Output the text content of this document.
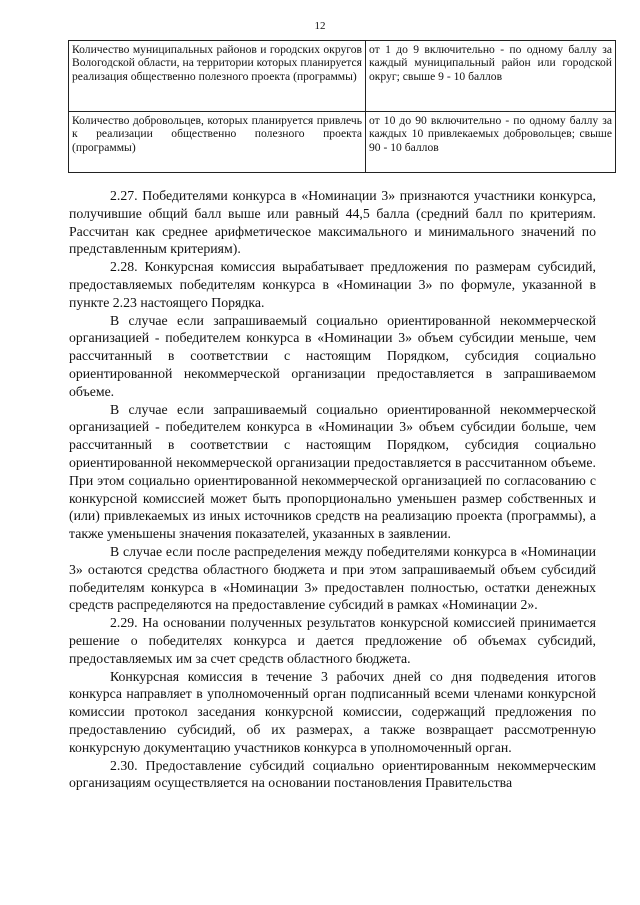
12
Количество муниципальных районов и городских округов Вологодской области, на территории которых планируется реализация общественно полезного проекта (программы)	от 1 до 9 включительно - по одному баллу за каждый муниципальный район или городской округ; свыше 9 - 10 баллов
Количество добровольцев, которых планируется привлечь к реализации общественно полезного проекта (программы)	от 10 до 90 включительно - по одному баллу за каждых 10 привлекаемых добровольцев; свыше 90 - 10 баллов

2.27. Победителями конкурса в «Номинации 3» признаются участники конкурса, получившие общий балл выше или равный 44,5 балла (средний балл по критериям. Рассчитан как среднее арифметическое максимального и минимального значений по представленным критериям).

2.28. Конкурсная комиссия вырабатывает предложения по размерам субсидий, предоставляемых победителям конкурса в «Номинации 3» по формуле, указанной в пункте 2.23 настоящего Порядка.

В случае если запрашиваемый социально ориентированной некоммерческой организацией - победителем конкурса в «Номинации 3» объем субсидии меньше, чем рассчитанный в соответствии с настоящим Порядком, субсидия социально ориентированной некоммерческой организации предоставляется в запрашиваемом объеме.

В случае если запрашиваемый социально ориентированной некоммерческой организацией - победителем конкурса в «Номинации 3» объем субсидии больше, чем рассчитанный в соответствии с настоящим Порядком, субсидия социально ориентированной некоммерческой организации предоставляется в рассчитанном объеме. При этом социально ориентированной некоммерческой организацией по согласованию с конкурсной комиссией может быть пропорционально уменьшен размер собственных и (или) привлекаемых из иных источников средств на реализацию проекта (программы), а также уменьшены значения показателей, указанных в заявлении.

В случае если после распределения между победителями конкурса в «Номинации 3» остаются средства областного бюджета и при этом запрашиваемый объем субсидий победителям конкурса в «Номинации 3» предоставлен полностью, остатки денежных средств распределяются на предоставление субсидий в рамках «Номинации 2».

2.29. На основании полученных результатов конкурсной комиссией принимается решение о победителях конкурса и дается предложение об объемах субсидий, предоставляемых им за счет средств областного бюджета.

Конкурсная комиссия в течение 3 рабочих дней со дня подведения итогов конкурса направляет в уполномоченный орган подписанный всеми членами конкурсной комиссии протокол заседания конкурсной комиссии, содержащий предложения по предоставлению субсидий, об их размерах, а также возвращает рассмотренную конкурсную документацию участников конкурса в уполномоченный орган.

2.30. Предоставление субсидий социально ориентированным некоммерческим организациям осуществляется на основании постановления Правительства
